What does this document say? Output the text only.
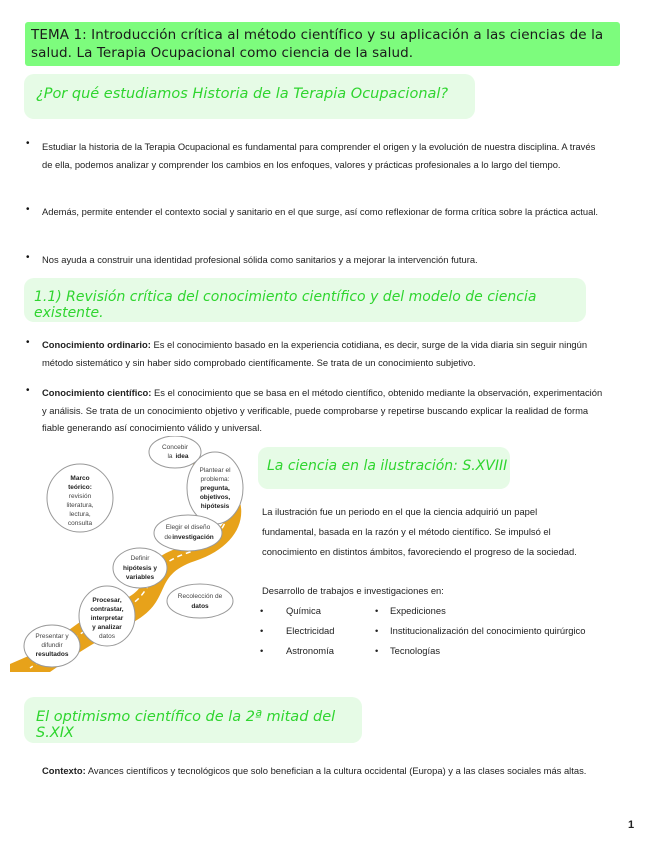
TEMA 1: Introducción crítica al método científico y su aplicación a las ciencias de la salud. La Terapia Ocupacional como ciencia de la salud.
¿Por qué estudiamos Historia de la Terapia Ocupacional?
• Estudiar la historia de la Terapia Ocupacional es fundamental para comprender el origen y la evolución de nuestra disciplina. A través de ella, podemos analizar y comprender los cambios en los enfoques, valores y prácticas profesionales a lo largo del tiempo.
• Además, permite entender el contexto social y sanitario en el que surge, así como reflexionar de forma crítica sobre la práctica actual.
• Nos ayuda a construir una identidad profesional sólida como sanitarios y a mejorar la intervención futura.
1.1) Revisión crítica del conocimiento científico y del modelo de ciencia existente.
• Conocimiento ordinario: Es el conocimiento basado en la experiencia cotidiana, es decir, surge de la vida diaria sin seguir ningún método sistemático y sin haber sido comprobado científicamente. Se trata de un conocimiento subjetivo.
• Conocimiento científico: Es el conocimiento que se basa en el método científico, obtenido mediante la observación, experimentación y análisis. Se trata de un conocimiento objetivo y verificable, puede comprobarse y repetirse buscando explicar la realidad de forma fiable generando así conocimiento válido y universal.
Concebir
la idea
Plantear el
problema:
pregunta,
objetivos,
hipótesis
Marco
teórico:
revisión
literatura,
lectura,
consulta
Elegir el diseño
de investigación
Definir
hipótesis y
variables
Recolección de
datos
Procesar,
contrastar,
interpretar
y analizar
datos
Presentar y
difundir
resultados
La ciencia en la ilustración: S.XVIII
La ilustración fue un periodo en el que la ciencia adquirió un papel
fundamental, basada en la razón y el método científico. Se impulsó el
conocimiento en distintos ámbitos, favoreciendo el progreso de la sociedad.
Desarrollo de trabajos e investigaciones en:
• Química
• Electricidad
• Astronomía
• Expediciones
• Institucionalización del conocimiento quirúrgico
• Tecnologías
El optimismo científico de la 2ª mitad del S.XIX
Contexto: Avances científicos y tecnológicos que solo benefician a la cultura occidental (Europa) y a las clases sociales más altas.
1
